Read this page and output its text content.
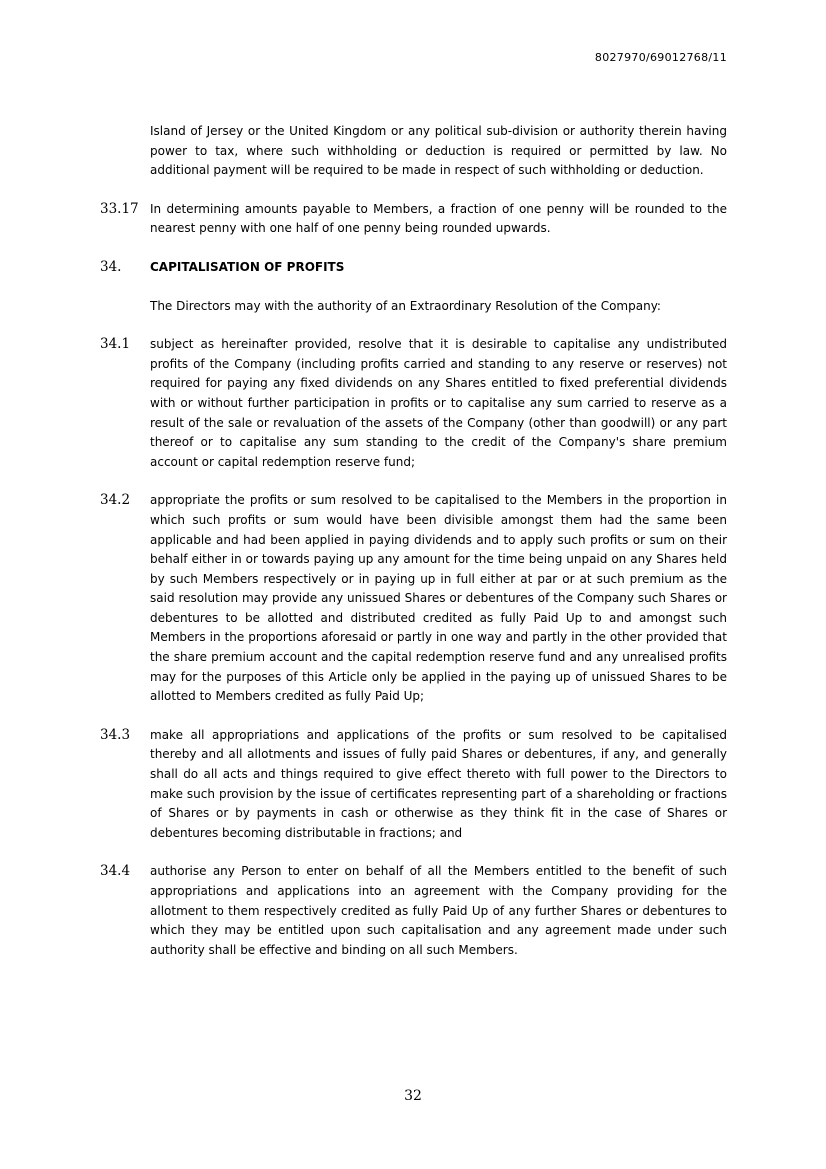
8027970/69012768/11
Island of Jersey or the United Kingdom or any political sub-division or authority therein having power to tax, where such withholding or deduction is required or permitted by law. No additional payment will be required to be made in respect of such withholding or deduction.
33.17 In determining amounts payable to Members, a fraction of one penny will be rounded to the nearest penny with one half of one penny being rounded upwards.
34. CAPITALISATION OF PROFITS
The Directors may with the authority of an Extraordinary Resolution of the Company:
34.1 subject as hereinafter provided, resolve that it is desirable to capitalise any undistributed profits of the Company (including profits carried and standing to any reserve or reserves) not required for paying any fixed dividends on any Shares entitled to fixed preferential dividends with or without further participation in profits or to capitalise any sum carried to reserve as a result of the sale or revaluation of the assets of the Company (other than goodwill) or any part thereof or to capitalise any sum standing to the credit of the Company's share premium account or capital redemption reserve fund;
34.2 appropriate the profits or sum resolved to be capitalised to the Members in the proportion in which such profits or sum would have been divisible amongst them had the same been applicable and had been applied in paying dividends and to apply such profits or sum on their behalf either in or towards paying up any amount for the time being unpaid on any Shares held by such Members respectively or in paying up in full either at par or at such premium as the said resolution may provide any unissued Shares or debentures of the Company such Shares or debentures to be allotted and distributed credited as fully Paid Up to and amongst such Members in the proportions aforesaid or partly in one way and partly in the other provided that the share premium account and the capital redemption reserve fund and any unrealised profits may for the purposes of this Article only be applied in the paying up of unissued Shares to be allotted to Members credited as fully Paid Up;
34.3 make all appropriations and applications of the profits or sum resolved to be capitalised thereby and all allotments and issues of fully paid Shares or debentures, if any, and generally shall do all acts and things required to give effect thereto with full power to the Directors to make such provision by the issue of certificates representing part of a shareholding or fractions of Shares or by payments in cash or otherwise as they think fit in the case of Shares or debentures becoming distributable in fractions; and
34.4 authorise any Person to enter on behalf of all the Members entitled to the benefit of such appropriations and applications into an agreement with the Company providing for the allotment to them respectively credited as fully Paid Up of any further Shares or debentures to which they may be entitled upon such capitalisation and any agreement made under such authority shall be effective and binding on all such Members.
32
